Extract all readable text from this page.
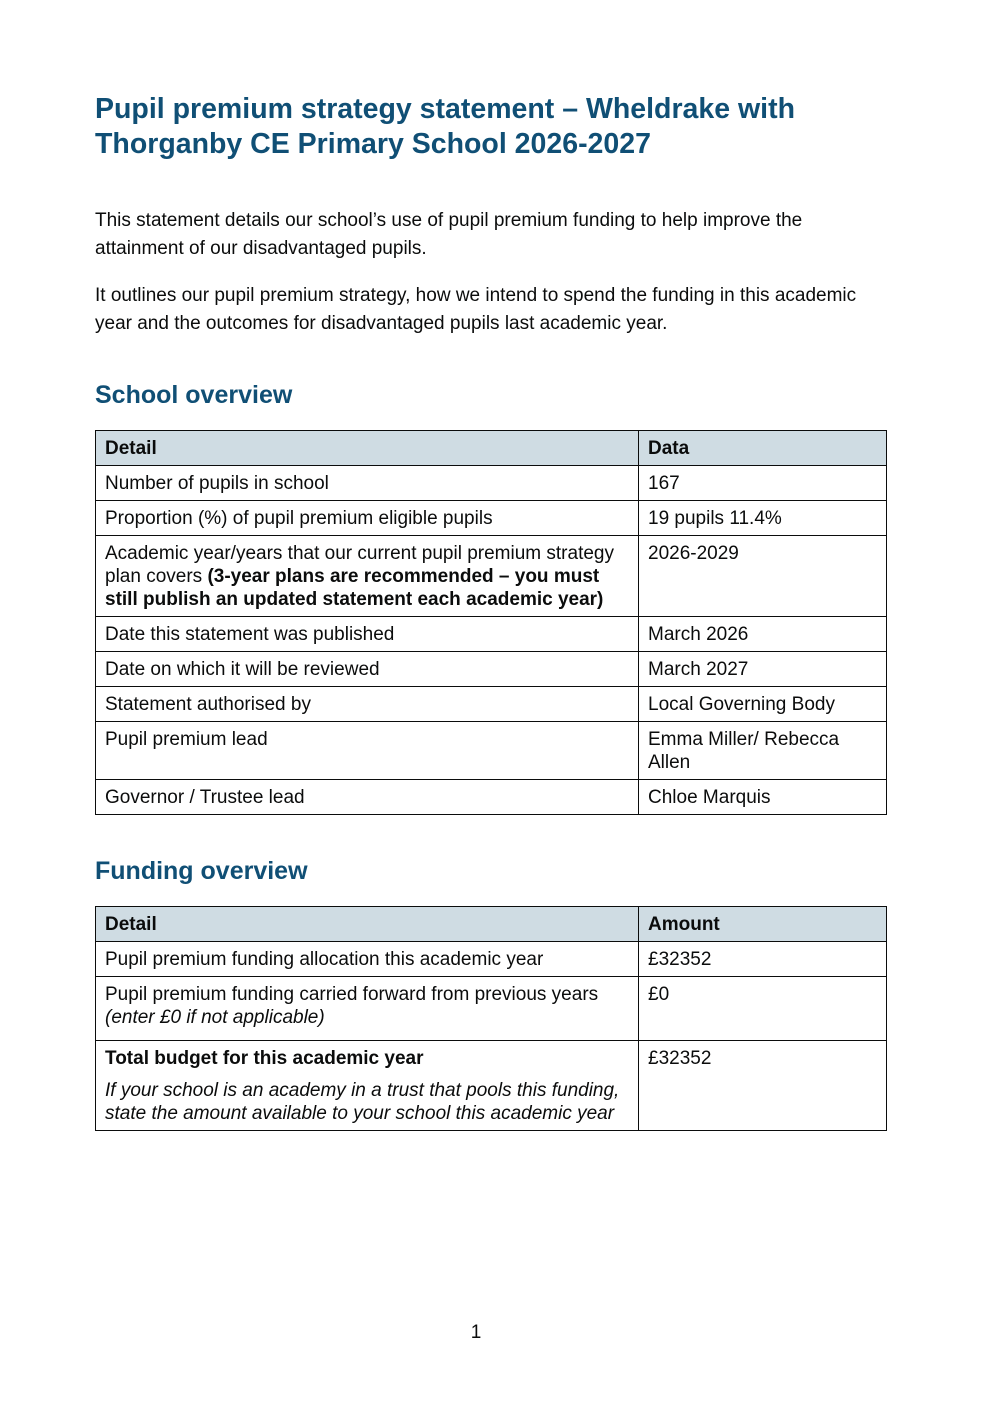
Pupil premium strategy statement – Wheldrake with Thorganby CE Primary School 2026-2027

This statement details our school’s use of pupil premium funding to help improve the attainment of our disadvantaged pupils.

It outlines our pupil premium strategy, how we intend to spend the funding in this academic year and the outcomes for disadvantaged pupils last academic year.

School overview
Detail	Data
Number of pupils in school	167
Proportion (%) of pupil premium eligible pupils	19 pupils 11.4%
Academic year/years that our current pupil premium strategy plan covers (3-year plans are recommended – you must still publish an updated statement each academic year)	2026-2029
Date this statement was published	March 2026
Date on which it will be reviewed	March 2027
Statement authorised by	Local Governing Body
Pupil premium lead	Emma Miller/ Rebecca Allen
Governor / Trustee lead	Chloe Marquis
Funding overview
Detail	Amount
Pupil premium funding allocation this academic year	£32352

Pupil premium funding carried forward from previous years
(enter £0 if not applicable)	£0

Total budget for this academic year
If your school is an academy in a trust that pools this funding, state the amount available to your school this academic year	£32352
1
